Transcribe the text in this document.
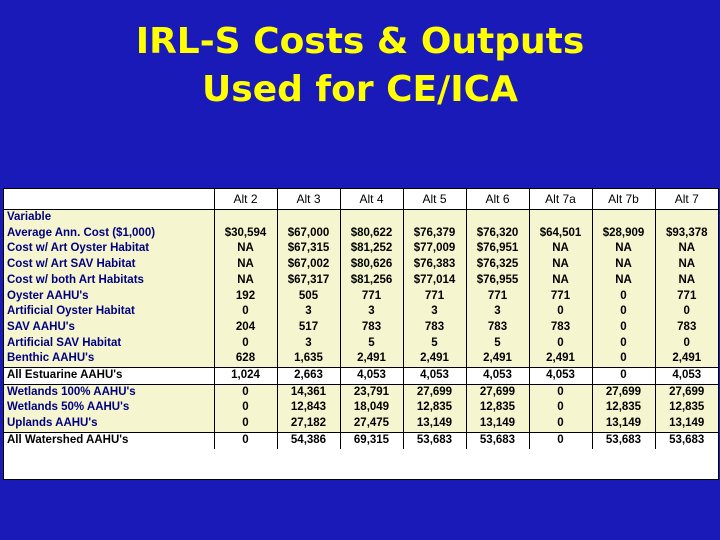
IRL-S Costs & Outputs
Used for CE/ICA
	Alt 2	Alt 3	Alt 4	Alt 5	Alt 6	Alt 7a	Alt 7b	Alt 7
Variable								
Average Ann. Cost ($1,000)	$30,594	$67,000	$80,622	$76,379	$76,320	$64,501	$28,909	$93,378
Cost w/ Art Oyster Habitat	NA	$67,315	$81,252	$77,009	$76,951	NA	NA	NA
Cost w/ Art SAV Habitat	NA	$67,002	$80,626	$76,383	$76,325	NA	NA	NA
Cost w/ both Art Habitats	NA	$67,317	$81,256	$77,014	$76,955	NA	NA	NA
Oyster AAHU's	192	505	771	771	771	771	0	771
Artificial Oyster Habitat	0	3	3	3	3	0	0	0
SAV AAHU's	204	517	783	783	783	783	0	783
Artificial SAV Habitat	0	3	5	5	5	0	0	0
Benthic AAHU's	628	1,635	2,491	2,491	2,491	2,491	0	2,491
All Estuarine AAHU's	1,024	2,663	4,053	4,053	4,053	4,053	0	4,053
Wetlands 100% AAHU's	0	14,361	23,791	27,699	27,699	0	27,699	27,699
Wetlands 50% AAHU's	0	12,843	18,049	12,835	12,835	0	12,835	12,835
Uplands AAHU's	0	27,182	27,475	13,149	13,149	0	13,149	13,149
All Watershed AAHU's	0	54,386	69,315	53,683	53,683	0	53,683	53,683
